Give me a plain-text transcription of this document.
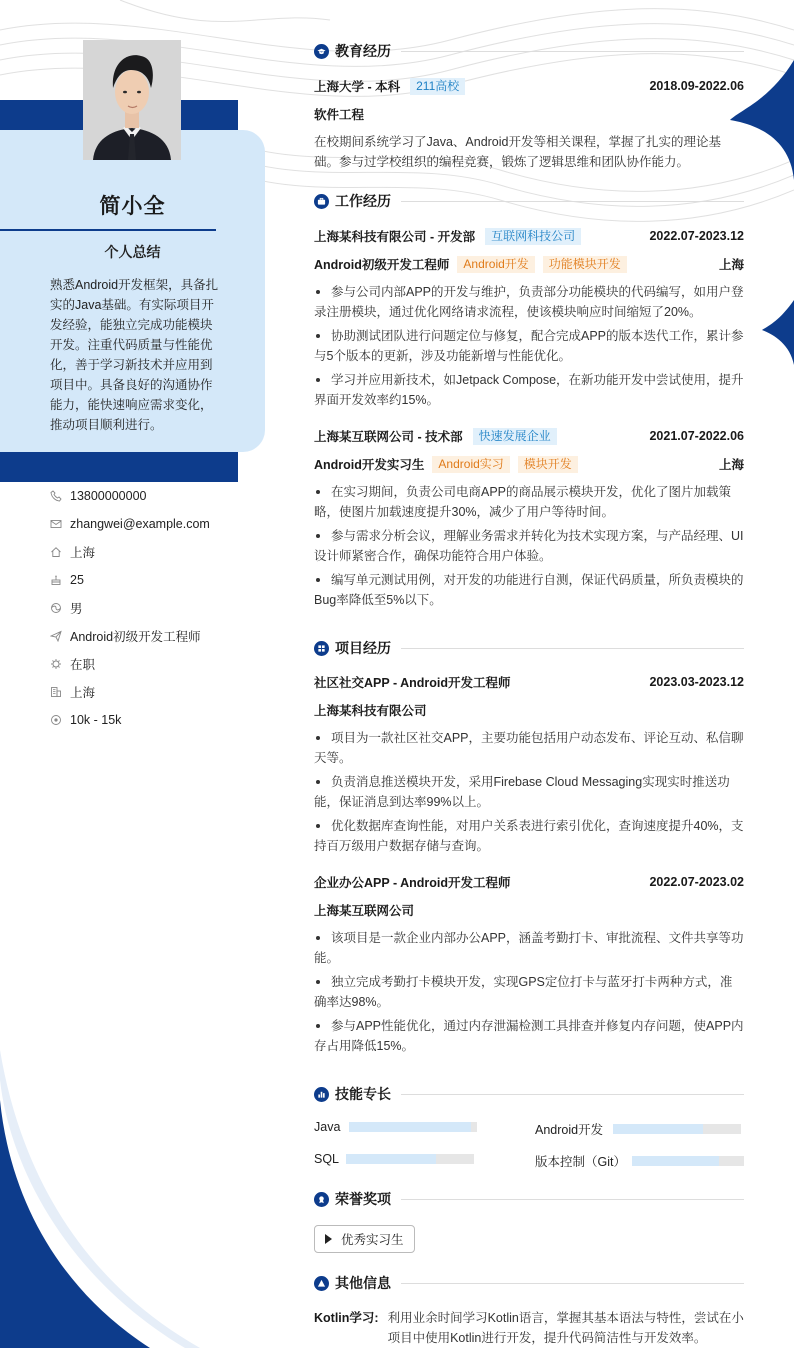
简小全
个人总结
熟悉Android开发框架，具备扎实的Java基础。有实际项目开发经验，能独立完成功能模块开发。注重代码质量与性能优化，善于学习新技术并应用到项目中。具备良好的沟通协作能力，能快速响应需求变化，推动项目顺利进行。
13800000000
zhangwei@example.com
上海
25
男
Android初级开发工程师
在职
上海
10k - 15k
教育经历
上海大学 - 本科	211高校	2018.09-2022.06
软件工程
在校期间系统学习了Java、Android开发等相关课程，掌握了扎实的理论基础。参与过学校组织的编程竞赛，锻炼了逻辑思维和团队协作能力。
工作经历
上海某科技有限公司 - 开发部	互联网科技公司	2022.07-2023.12
Android初级开发工程师	Android开发	功能模块开发	上海
参与公司内部APP的开发与维护，负责部分功能模块的代码编写，如用户登录注册模块，通过优化网络请求流程，使该模块响应时间缩短了20%。
协助测试团队进行问题定位与修复，配合完成APP的版本迭代工作，累计参与5个版本的更新，涉及功能新增与性能优化。
学习并应用新技术，如Jetpack Compose，在新功能开发中尝试使用，提升界面开发效率约15%。
上海某互联网公司 - 技术部	快速发展企业	2021.07-2022.06
Android开发实习生	Android实习	模块开发	上海
在实习期间，负责公司电商APP的商品展示模块开发，优化了图片加载策略，使图片加载速度提升30%，减少了用户等待时间。
参与需求分析会议，理解业务需求并转化为技术实现方案，与产品经理、UI设计师紧密合作，确保功能符合用户体验。
编写单元测试用例，对开发的功能进行自测，保证代码质量，所负责模块的Bug率降低至5%以下。
项目经历
社区社交APP - Android开发工程师	2023.03-2023.12
上海某科技有限公司
项目为一款社区社交APP，主要功能包括用户动态发布、评论互动、私信聊天等。
负责消息推送模块开发，采用Firebase Cloud Messaging实现实时推送功能，保证消息到达率99%以上。
优化数据库查询性能，对用户关系表进行索引优化，查询速度提升40%，支持百万级用户数据存储与查询。
企业办公APP - Android开发工程师	2022.07-2023.02
上海某互联网公司
该项目是一款企业内部办公APP，涵盖考勤打卡、审批流程、文件共享等功能。
独立完成考勤打卡模块开发，实现GPS定位打卡与蓝牙打卡两种方式，准确率达98%。
参与APP性能优化，通过内存泄漏检测工具排查并修复内存问题，使APP内存占用降低15%。
技能专长
Java	Android开发
SQL	版本控制（Git）
荣誉奖项
优秀实习生
其他信息
Kotlin学习: 利用业余时间学习Kotlin语言，掌握其基本语法与特性，尝试在小项目中使用Kotlin进行开发，提升代码简洁性与开发效率。
